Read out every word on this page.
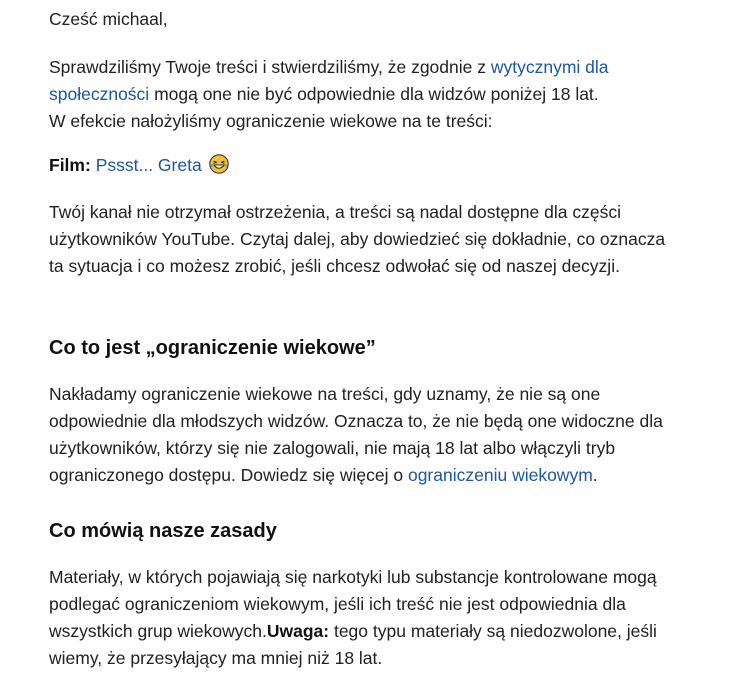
Cześć michaal,

Sprawdziliśmy Twoje treści i stwierdziliśmy, że zgodnie z wytycznymi dla społeczności mogą one nie być odpowiednie dla widzów poniżej 18 lat.
W efekcie nałożyliśmy ograniczenie wiekowe na te treści:

Film: Pssst... Greta

Twój kanał nie otrzymał ostrzeżenia, a treści są nadal dostępne dla części użytkowników YouTube. Czytaj dalej, aby dowiedzieć się dokładnie, co oznacza ta sytuacja i co możesz zrobić, jeśli chcesz odwołać się od naszej decyzji.

Co to jest „ograniczenie wiekowe”

Nakładamy ograniczenie wiekowe na treści, gdy uznamy, że nie są one odpowiednie dla młodszych widzów. Oznacza to, że nie będą one widoczne dla użytkowników, którzy się nie zalogowali, nie mają 18 lat albo włączyli tryb ograniczonego dostępu. Dowiedz się więcej o ograniczeniu wiekowym.

Co mówią nasze zasady

Materiały, w których pojawiają się narkotyki lub substancje kontrolowane mogą podlegać ograniczeniom wiekowym, jeśli ich treść nie jest odpowiednia dla wszystkich grup wiekowych.Uwaga: tego typu materiały są niedozwolone, jeśli wiemy, że przesyłający ma mniej niż 18 lat.
